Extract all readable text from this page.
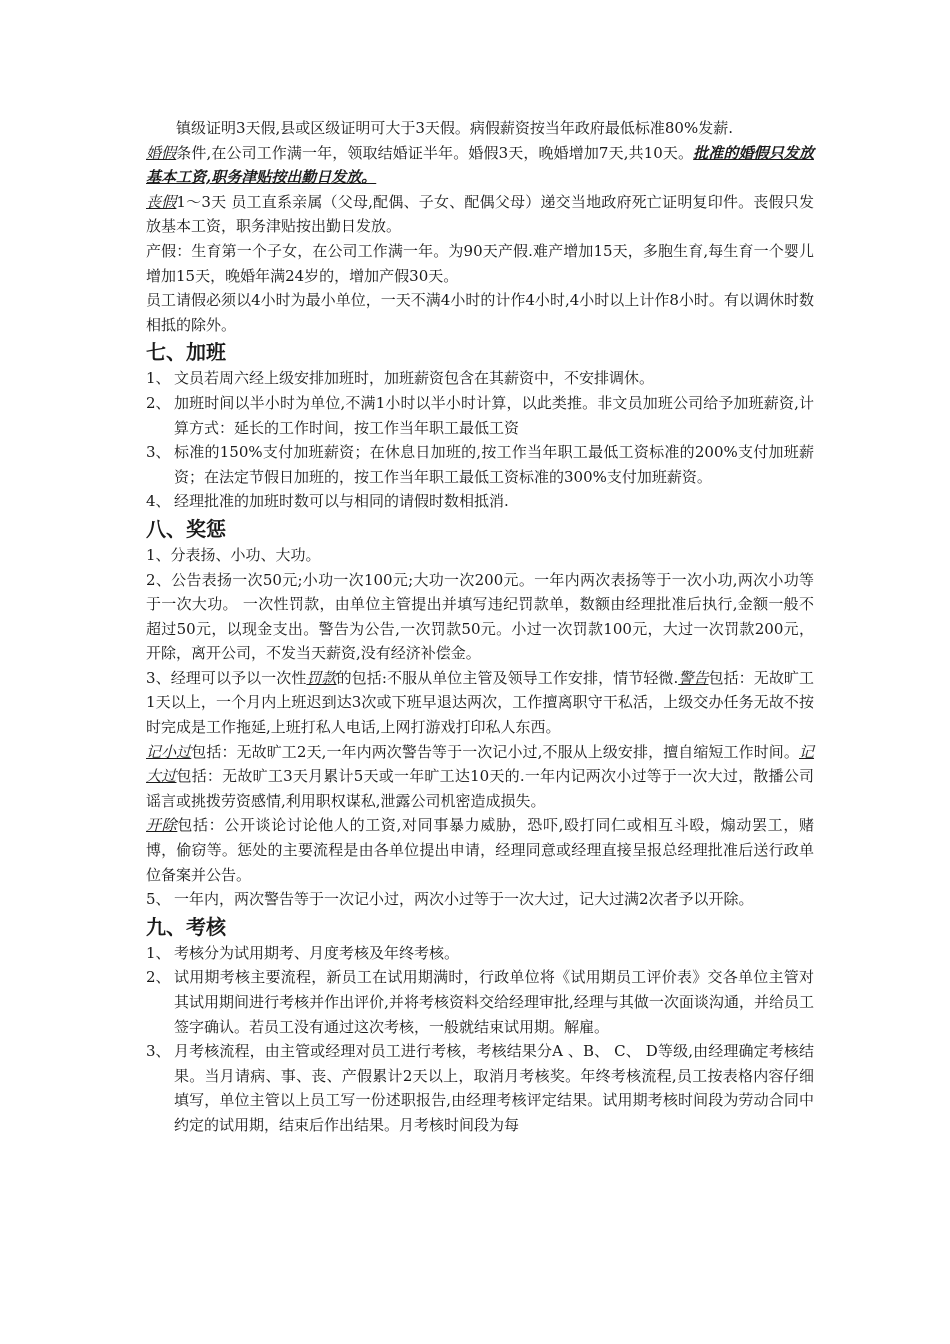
镇级证明3天假,县或区级证明可大于3天假。病假薪资按当年政府最低标准80%发薪.

婚假条件,在公司工作满一年，领取结婚证半年。婚假3天，晚婚增加7天,共10天。批准的婚假只发放基本工资,职务津贴按出勤日发放。

丧假1～3天 员工直系亲属（父母,配偶、子女、配偶父母）递交当地政府死亡证明复印件。丧假只发放基本工资，职务津贴按出勤日发放。

产假：生育第一个子女，在公司工作满一年。为90天产假.难产增加15天，多胞生育,每生育一个婴儿增加15天，晚婚年满24岁的，增加产假30天。

员工请假必须以4小时为最小单位，一天不满4小时的计作4小时,4小时以上计作8小时。有以调休时数相抵的除外。

七、加班
1、 文员若周六经上级安排加班时，加班薪资包含在其薪资中，不安排调休。
2、 加班时间以半小时为单位,不满1小时以半小时计算，以此类推。非文员加班公司给予加班薪资,计算方式：延长的工作时间，按工作当年职工最低工资
3、 标准的150%支付加班薪资；在休息日加班的,按工作当年职工最低工资标准的200%支付加班薪资；在法定节假日加班的，按工作当年职工最低工资标准的300%支付加班薪资。
4、 经理批准的加班时数可以与相同的请假时数相抵消.
八、奖惩

1、分表扬、小功、大功。

2、公告表扬一次50元;小功一次100元;大功一次200元。一年内两次表扬等于一次小功,两次小功等于一次大功。 一次性罚款，由单位主管提出并填写违纪罚款单，数额由经理批准后执行,金额一般不超过50元，以现金支出。警告为公告,一次罚款50元。小过一次罚款100元，大过一次罚款200元，开除，离开公司，不发当天薪资,没有经济补偿金。

3、经理可以予以一次性罚款的包括:不服从单位主管及领导工作安排，情节轻微.警告包括：无故旷工1天以上，一个月内上班迟到达3次或下班早退达两次，工作擅离职守干私活，上级交办任务无故不按时完成是工作拖延,上班打私人电话,上网打游戏打印私人东西。

记小过包括：无故旷工2天,一年内两次警告等于一次记小过,不服从上级安排，擅自缩短工作时间。记大过包括：无故旷工3天月累计5天或一年旷工达10天的.一年内记两次小过等于一次大过，散播公司谣言或挑拨劳资感情,利用职权谋私,泄露公司机密造成损失。

开除包括：公开谈论讨论他人的工资,对同事暴力威胁，恐吓,殴打同仁或相互斗殴，煽动罢工，赌博，偷窃等。惩处的主要流程是由各单位提出申请，经理同意或经理直接呈报总经理批准后送行政单位备案并公告。

5、 一年内，两次警告等于一次记小过，两次小过等于一次大过，记大过满2次者予以开除。
九、考核
1、 考核分为试用期考、月度考核及年终考核。
2、 试用期考核主要流程，新员工在试用期满时，行政单位将《试用期员工评价表》交各单位主管对其试用期间进行考核并作出评价,并将考核资料交给经理审批,经理与其做一次面谈沟通，并给员工签字确认。若员工没有通过这次考核，一般就结束试用期。解雇。
3、 月考核流程，由主管或经理对员工进行考核，考核结果分A 、B、 C、 D等级,由经理确定考核结果。当月请病、事、丧、产假累计2天以上，取消月考核奖。年终考核流程,员工按表格内容仔细填写，单位主管以上员工写一份述职报告,由经理考核评定结果。试用期考核时间段为劳动合同中约定的试用期，结束后作出结果。月考核时间段为每
